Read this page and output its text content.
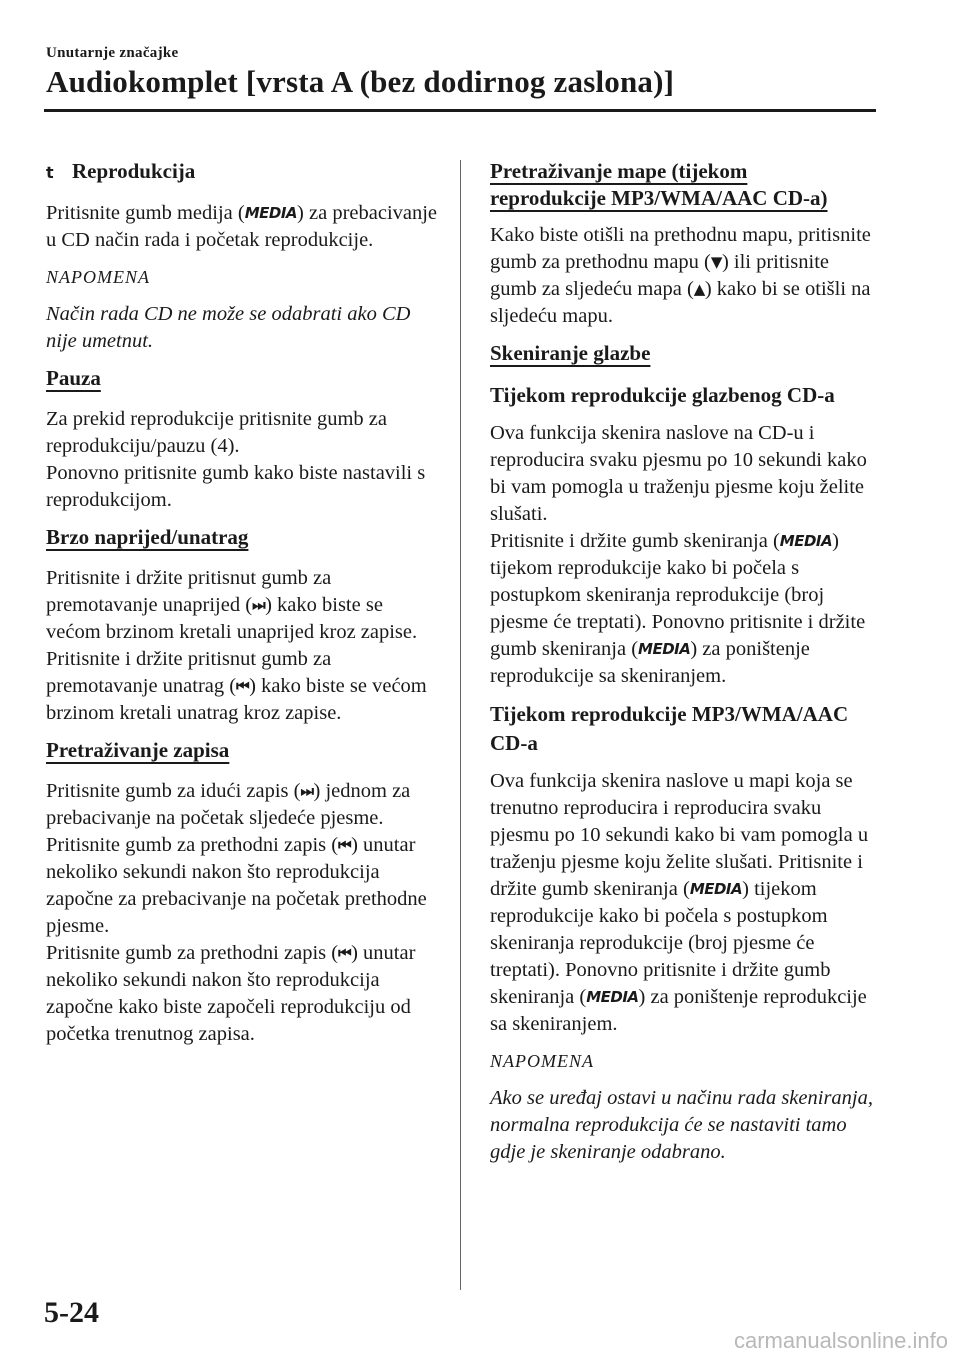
Unutarnje značajke
Audiokomplet [vrsta A (bez dodirnog zaslona)]
t Reprodukcija

Pritisnite gumb medija (MEDIA) za prebacivanje u CD način rada i početak reprodukcije.

NAPOMENA

Način rada CD ne može se odabrati ako CD nije umetnut.

Pauza

Za prekid reprodukcije pritisnite gumb za reprodukciju/pauzu (4).

Ponovno pritisnite gumb kako biste nastavili s reprodukcijom.

Brzo naprijed/unatrag

Pritisnite i držite pritisnut gumb za premotavanje unaprijed (⏭) kako biste se većom brzinom kretali unaprijed kroz zapise. Pritisnite i držite pritisnut gumb za premotavanje unatrag (⏮) kako biste se većom brzinom kretali unatrag kroz zapise.

Pretraživanje zapisa

Pritisnite gumb za idući zapis (⏭) jednom za prebacivanje na početak sljedeće pjesme.

Pritisnite gumb za prethodni zapis (⏮) unutar nekoliko sekundi nakon što reprodukcija započne za prebacivanje na početak prethodne pjesme.

Pritisnite gumb za prethodni zapis (⏮) unutar nekoliko sekundi nakon što reprodukcija započne kako biste započeli reprodukciju od početka trenutnog zapisa.

Pretraživanje mape (tijekom
reprodukcije MP3/WMA/AAC CD-a)

Kako biste otišli na prethodnu mapu, pritisnite gumb za prethodnu mapu (▼) ili pritisnite gumb za sljedeću mapa (▲) kako bi se otišli na sljedeću mapu.

Skeniranje glazbe
Tijekom reprodukcije glazbenog CD-a

Ova funkcija skenira naslove na CD-u i reproducira svaku pjesmu po 10 sekundi kako bi vam pomogla u traženju pjesme koju želite slušati.

Pritisnite i držite gumb skeniranja (MEDIA) tijekom reprodukcije kako bi počela s postupkom skeniranja reprodukcije (broj pjesme će treptati). Ponovno pritisnite i držite gumb skeniranja (MEDIA) za poništenje reprodukcije sa skeniranjem.

Tijekom reprodukcije MP3/WMA/AAC CD-a

Ova funkcija skenira naslove u mapi koja se trenutno reproducira i reproducira svaku pjesmu po 10 sekundi kako bi vam pomogla u traženju pjesme koju želite slušati. Pritisnite i držite gumb skeniranja (MEDIA) tijekom reprodukcije kako bi počela s postupkom skeniranja reprodukcije (broj pjesme će treptati). Ponovno pritisnite i držite gumb skeniranja (MEDIA) za poništenje reprodukcije sa skeniranjem.

NAPOMENA

Ako se uređaj ostavi u načinu rada skeniranja, normalna reprodukcija će se nastaviti tamo gdje je skeniranje odabrano.

5-24
carmanualsonline.info
